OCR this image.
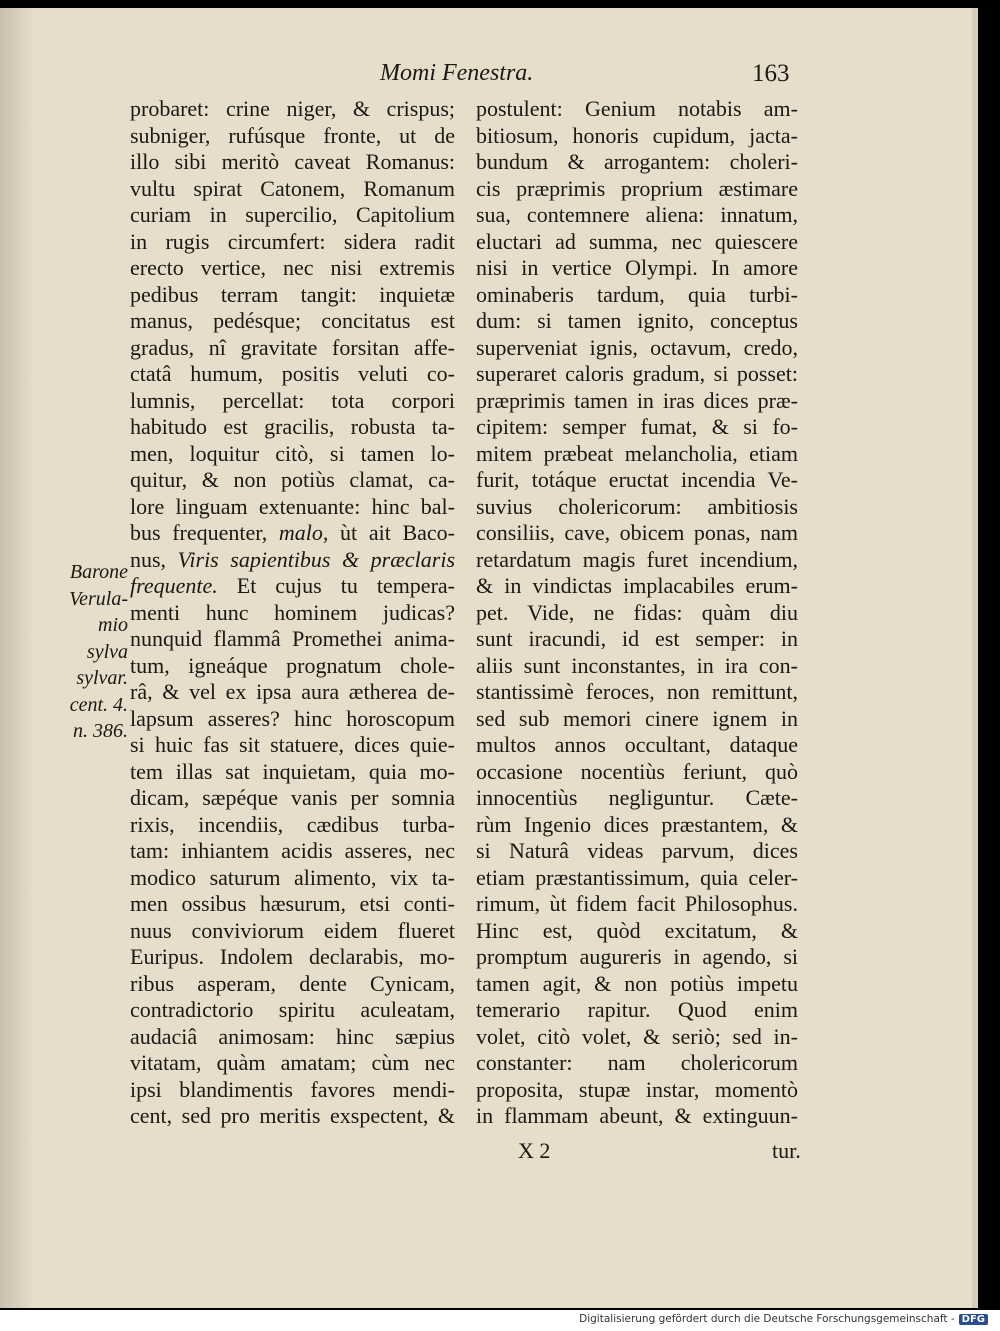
Momi Fenestra.	163

probaret: crine niger, & crispus;
subniger, rufúsque fronte, ut de
illo sibi meritò caveat Romanus:
vultu spirat Catonem, Romanum
curiam in supercilio, Capitolium
in rugis circumfert: sidera radit
erecto vertice, nec nisi extremis
pedibus terram tangit: inquietæ
manus, pedésque; concitatus est
gradus, nî gravitate forsitan affe-
ctatâ humum, positis veluti co-
lumnis, percellat: tota corpori
habitudo est gracilis, robusta ta-
men, loquitur citò, si tamen lo-
quitur, & non potiùs clamat, ca-
lore linguam extenuante: hinc bal-
bus frequenter, malo, ùt ait Baco-
nus, Viris sapientibus & præclaris
frequente. Et cujus tu tempera-
menti hunc hominem judicas?
nunquid flammâ Promethei anima-
tum, igneáque prognatum chole-
râ, & vel ex ipsa aura ætherea de-
lapsum asseres? hinc horoscopum
si huic fas sit statuere, dices quie-
tem illas sat inquietam, quia mo-
dicam, sæpéque vanis per somnia
rixis, incendiis, cædibus turba-
tam: inhiantem acidis asseres, nec
modico saturum alimento, vix ta-
men ossibus hæsurum, etsi conti-
nuus conviviorum eidem flueret
Euripus. Indolem declarabis, mo-
ribus asperam, dente Cynicam,
contradictorio spiritu aculeatam,
audaciâ animosam: hinc sæpius
vitatam, quàm amatam; cùm nec
ipsi blandimentis favores mendi-
cent, sed pro meritis exspectent, &
Barone
Verula-
mio
sylva
sylvar.
cent. 4.
n. 386.
postulent: Genium notabis am-
bitiosum, honoris cupidum, jacta-
bundum & arrogantem: choleri-
cis præprimis proprium æstimare
sua, contemnere aliena: innatum,
eluctari ad summa, nec quiescere
nisi in vertice Olympi. In amore
ominaberis tardum, quia turbi-
dum: si tamen ignito, conceptus
superveniat ignis, octavum, credo,
superaret caloris gradum, si posset:
præprimis tamen in iras dices præ-
cipitem: semper fumat, & si fo-
mitem præbeat melancholia, etiam
furit, totáque eructat incendia Ve-
suvius cholericorum: ambitiosis
consiliis, cave, obicem ponas, nam
retardatum magis furet incendium,
& in vindictas implacabiles erum-
pet. Vide, ne fidas: quàm diu
sunt iracundi, id est semper: in
aliis sunt inconstantes, in ira con-
stantissimè feroces, non remittunt,
sed sub memori cinere ignem in
multos annos occultant, dataque
occasione nocentiùs feriunt, quò
innocentiùs negliguntur. Cæte-
rùm Ingenio dices præstantem, &
si Naturâ videas parvum, dices
etiam præstantissimum, quia celer-
rimum, ùt fidem facit Philosophus.
Hinc est, quòd excitatum, &
promptum augureris in agendo, si
tamen agit, & non potiùs impetu
temerario rapitur. Quod enim
volet, citò volet, & seriò; sed in-
constanter: nam cholericorum
proposita, stupæ instar, momentò
in flammam abeunt, & extinguun-

X 2	tur.

Digitalisierung gefördert durch die Deutsche Forschungsgemeinschaft - DFG
